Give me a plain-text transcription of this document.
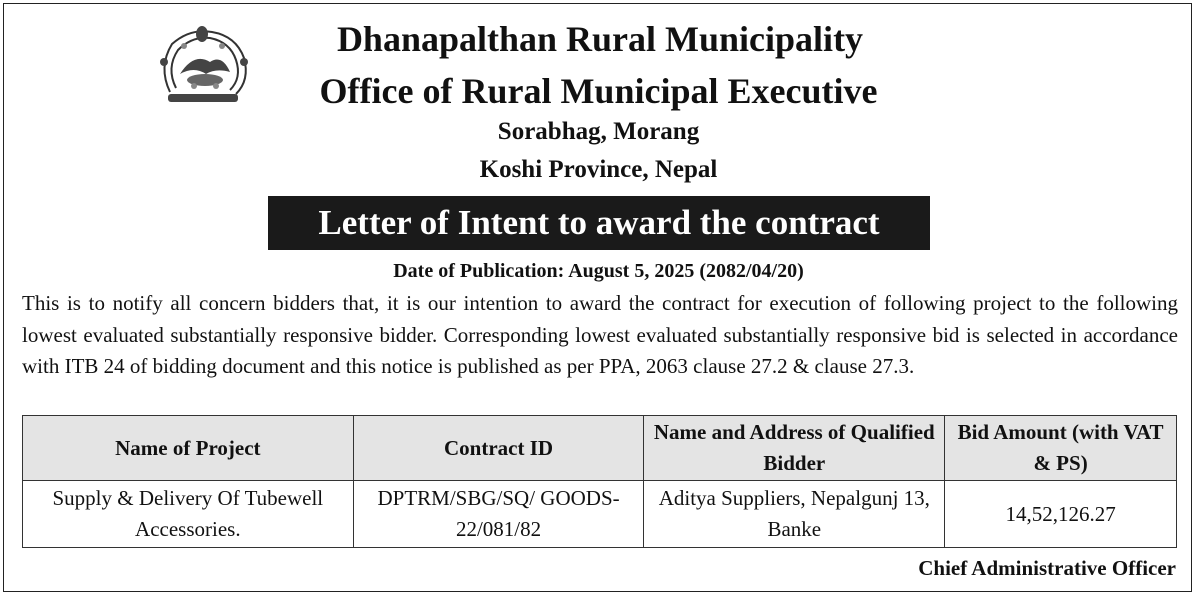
Dhanapalthan Rural Municipality
Office of Rural Municipal Executive
Sorabhag, Morang
Koshi Province, Nepal
Letter of Intent to award the contract
Date of Publication: August 5, 2025 (2082/04/20)
This is to notify all concern bidders that, it is our intention to award the contract for execution of following project to the following lowest evaluated substantially responsive bidder. Corresponding lowest evaluated substantially responsive bid is selected in accordance with ITB 24 of bidding document and this notice is published as per PPA, 2063 clause 27.2 & clause 27.3.
Name of Project	Contract ID	Name and Address of Qualified Bidder	Bid Amount (with VAT & PS)
Supply & Delivery Of Tubewell Accessories.	DPTRM/SBG/SQ/ GOODS-22/081/82	Aditya Suppliers, Nepalgunj 13, Banke	14,52,126.27
Chief Administrative Officer
